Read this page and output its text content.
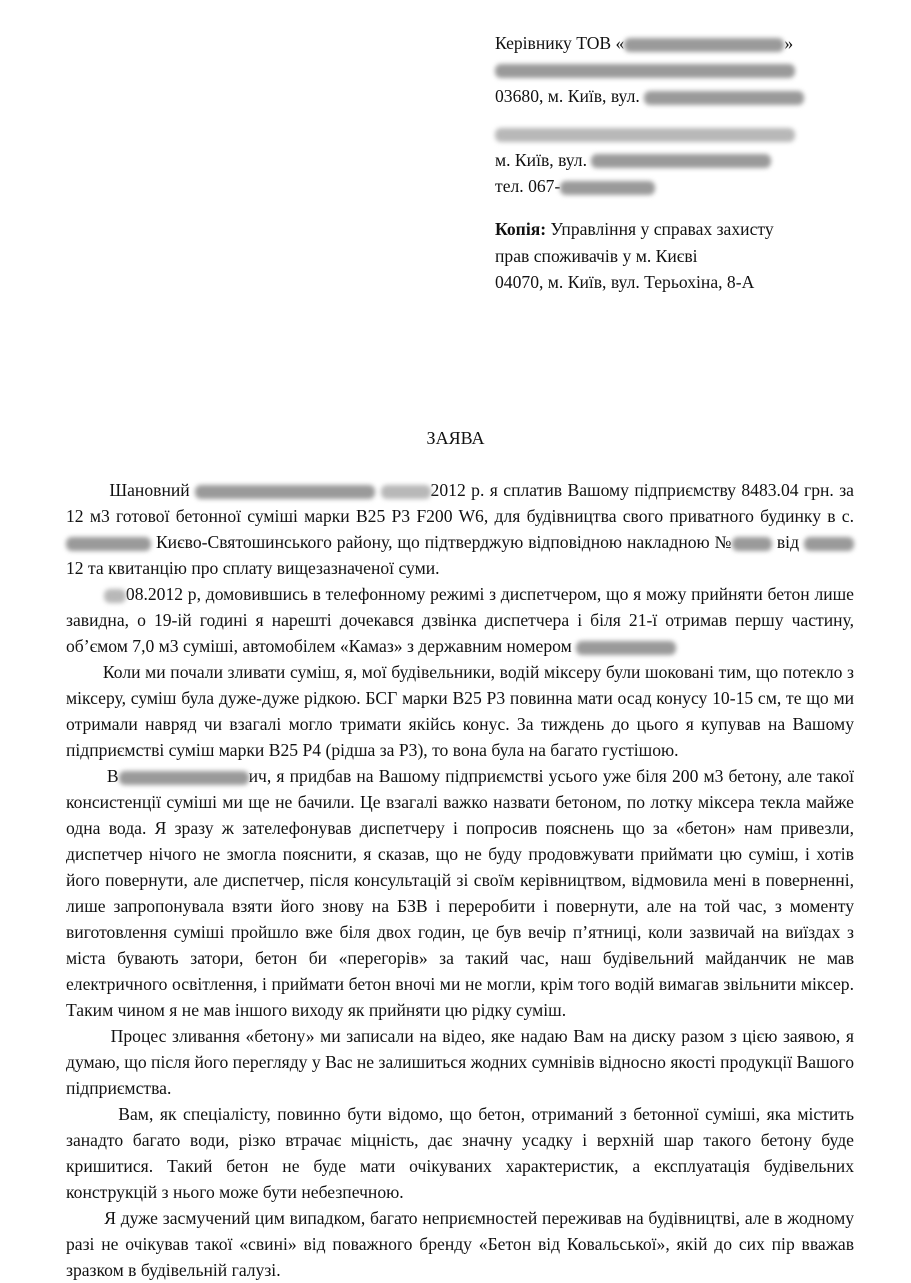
Керівнику ТОВ «	»
03680, м. Київ, вул.
м. Київ, вул.
тел. 067-
Копія: Управління у справах захисту
прав споживачів у м. Києві
04070, м. Київ, вул. Терьохіна, 8-А
ЗАЯВА

Шановний	2012 р. я сплатив Вашому підприємству 8483.04 грн. за 12 м3 готової бетонної суміші марки В25 Р3 F200 W6, для будівництва свого приватного будинку в с.  Києво-Святошинського району, що підтверджую відповідною накладною №	від 12 та квитанцію про сплату вищезазначеної суми.

08.2012 р, домовившись в телефонному режимі з диспетчером, що я можу прийняти бетон лише завидна, о 19-ій годині я нарешті дочекався дзвінка диспетчера і біля 21-ї отримав першу частину, об’ємом 7,0 м3 суміші, автомобілем «Камаз» з державним номером

Коли ми почали зливати суміш, я, мої будівельники, водій міксеру були шоковані тим, що потекло з міксеру, суміш була дуже-дуже рідкою. БСГ марки В25 Р3 повинна мати осад конусу 10-15 см, те що ми отримали навряд чи взагалі могло тримати якійсь конус. За тиждень до цього я купував на Вашому підприємстві суміш марки В25 Р4 (рідша за Р3), то вона була на багато густішою.

В	ич, я придбав на Вашому підприємстві усього уже біля 200 м3 бетону, але такої консистенції суміші ми ще не бачили. Це взагалі важко назвати бетоном, по лотку міксера текла майже одна вода. Я зразу ж зателефонував диспетчеру і попросив пояснень що за «бетон» нам привезли, диспетчер нічого не змогла пояснити, я сказав, що не буду продовжувати приймати цю суміш, і хотів його повернути, але диспетчер, після консультацій зі своїм керівництвом, відмовила мені в поверненні, лише запропонувала взяти його знову на БЗВ і переробити і повернути, але на той час, з моменту виготовлення суміші пройшло вже біля двох годин, це був вечір п’ятниці, коли зазвичай на виїздах з міста бувають затори, бетон би «перегорів» за такий час, наш будівельний майданчик не мав електричного освітлення, і приймати бетон вночі ми не могли, крім того водій вимагав звільнити міксер. Таким чином я не мав іншого виходу як прийняти цю рідку суміш.

Процес зливання «бетону» ми записали на відео, яке надаю Вам на диску разом з цією заявою, я думаю, що після його перегляду у Вас не залишиться жодних сумнівів відносно якості продукції Вашого підприємства.

Вам, як спеціалісту, повинно бути відомо, що бетон, отриманий з бетонної суміші, яка містить занадто багато води, різко втрачає міцність, дає значну усадку і верхній шар такого бетону буде кришитися. Такий бетон не буде мати очікуваних характеристик, а експлуатація будівельних конструкцій з нього може бути небезпечною.

Я дуже засмучений цим випадком, багато неприємностей переживав на будівництві, але в жодному разі не очікував такої «свині» від поважного бренду «Бетон від Ковальської», якій до сих пір вважав зразком в будівельній галузі.
